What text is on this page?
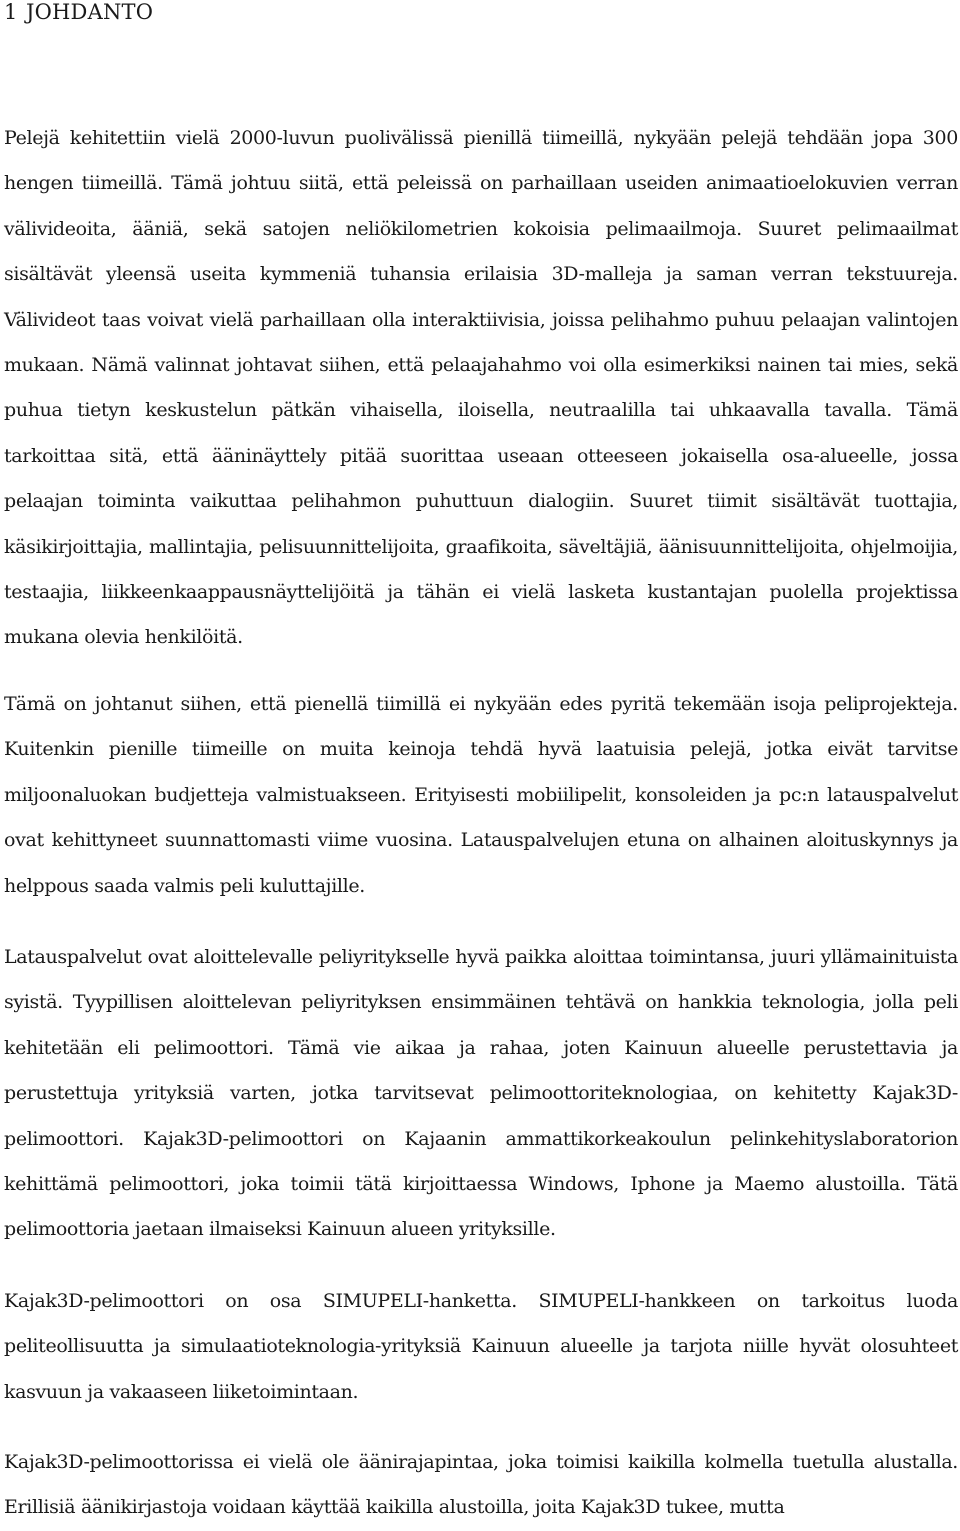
1 JOHDANTO

Pelejä kehitettiin vielä 2000-luvun puolivälissä pienillä tiimeillä, nykyään pelejä tehdään jopa 300 hengen tiimeillä. Tämä johtuu siitä, että peleissä on parhaillaan useiden animaatioelokuvien verran välivideoita, ääniä, sekä satojen neliökilometrien kokoisia pelimaailmoja. Suuret pelimaailmat sisältävät yleensä useita kymmeniä tuhansia erilaisia 3D-malleja ja saman verran tekstuureja. Välivideot taas voivat vielä parhaillaan olla interaktiivisia, joissa pelihahmo puhuu pelaajan valintojen mukaan. Nämä valinnat johtavat siihen, että pelaajahahmo voi olla esimerkiksi nainen tai mies, sekä puhua tietyn keskustelun pätkän vihaisella, iloisella, neutraalilla tai uhkaavalla tavalla. Tämä tarkoittaa sitä, että ääninäyttely pitää suorittaa useaan otteeseen jokaisella osa-alueelle, jossa pelaajan toiminta vaikuttaa pelihahmon puhuttuun dialogiin. Suuret tiimit sisältävät tuottajia, käsikirjoittajia, mallintajia, pelisuunnittelijoita, graafikoita, säveltäjiä, äänisuunnittelijoita, ohjelmoijia, testaajia, liikkeenkaappausnäyttelijöitä ja tähän ei vielä lasketa kustantajan puolella projektissa mukana olevia henkilöitä.

Tämä on johtanut siihen, että pienellä tiimillä ei nykyään edes pyritä tekemään isoja peliprojekteja. Kuitenkin pienille tiimeille on muita keinoja tehdä hyvä laatuisia pelejä, jotka eivät tarvitse miljoonaluokan budjetteja valmistuakseen. Erityisesti mobiilipelit, konsoleiden ja pc:n latauspalvelut ovat kehittyneet suunnattomasti viime vuosina. Latauspalvelujen etuna on alhainen aloituskynnys ja helppous saada valmis peli kuluttajille.

Latauspalvelut ovat aloittelevalle peliyritykselle hyvä paikka aloittaa toimintansa, juuri yllämainituista syistä. Tyypillisen aloittelevan peliyrityksen ensimmäinen tehtävä on hankkia teknologia, jolla peli kehitetään eli pelimoottori. Tämä vie aikaa ja rahaa, joten Kainuun alueelle perustettavia ja perustettuja yrityksiä varten, jotka tarvitsevat pelimoottoriteknologiaa, on kehitetty Kajak3D-pelimoottori. Kajak3D-pelimoottori on Kajaanin ammattikorkeakoulun pelinkehityslaboratorion kehittämä pelimoottori, joka toimii tätä kirjoittaessa Windows, Iphone ja Maemo alustoilla. Tätä pelimoottoria jaetaan ilmaiseksi Kainuun alueen yrityksille.

Kajak3D-pelimoottori on osa SIMUPELI-hanketta. SIMUPELI-hankkeen on tarkoitus luoda peliteollisuutta ja simulaatioteknologia-yrityksiä Kainuun alueelle ja tarjota niille hyvät olosuhteet kasvuun ja vakaaseen liiketoimintaan.

Kajak3D-pelimoottorissa ei vielä ole äänirajapintaa, joka toimisi kaikilla kolmella tuetulla alustalla. Erillisiä äänikirjastoja voidaan käyttää kaikilla alustoilla, joita Kajak3D tukee, mutta
